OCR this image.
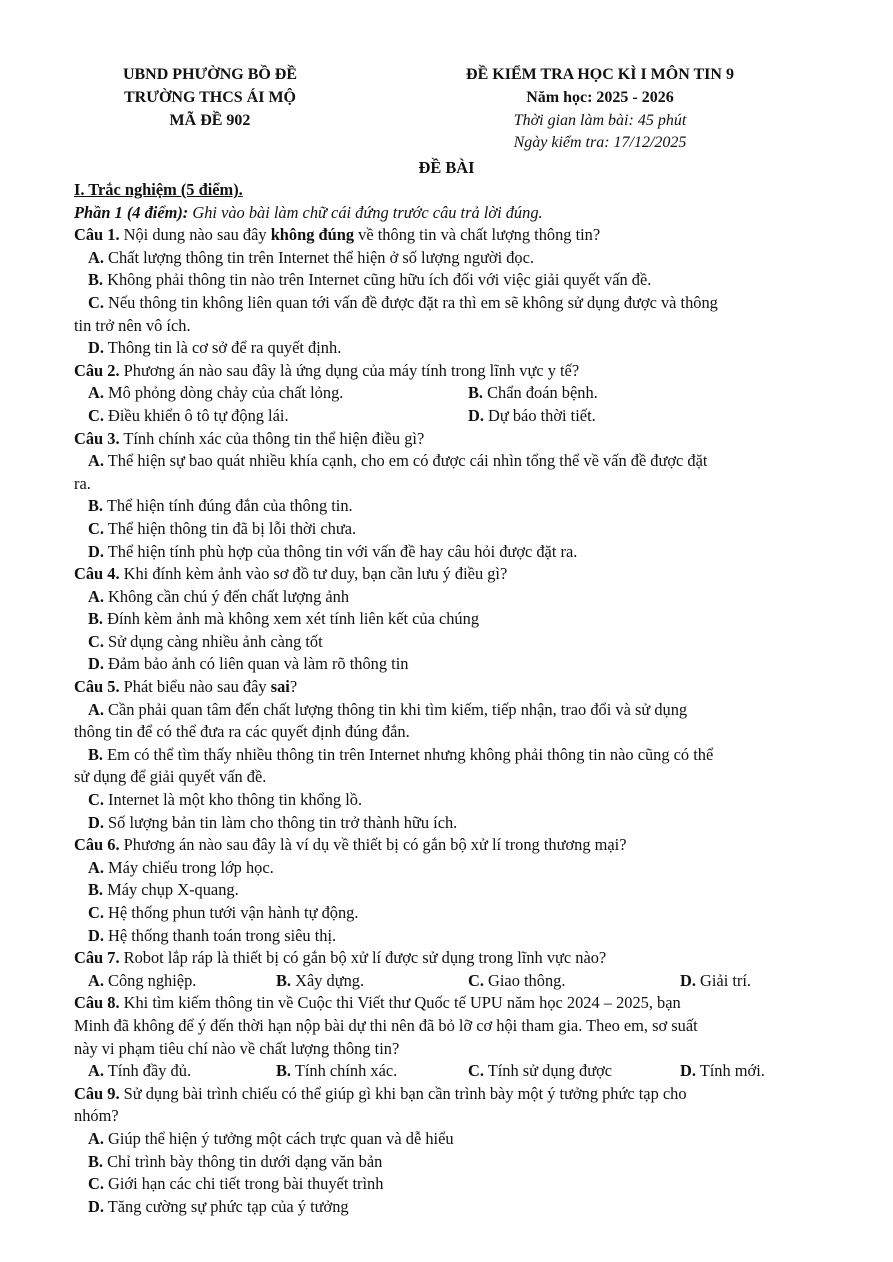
UBND PHƯỜNG BỒ ĐỀ
TRƯỜNG THCS ÁI MỘ
MÃ ĐỀ 902
ĐỀ KIỂM TRA HỌC KÌ I MÔN TIN 9
Năm học: 2025 - 2026
Thời gian làm bài: 45 phút
Ngày kiểm tra: 17/12/2025
ĐỀ BÀI
I. Trắc nghiệm (5 điểm).
Phần 1 (4 điểm): Ghi vào bài làm chữ cái đứng trước câu trả lời đúng.
Câu 1. Nội dung nào sau đây không đúng về thông tin và chất lượng thông tin?
A. Chất lượng thông tin trên Internet thể hiện ở số lượng người đọc.
B. Không phải thông tin nào trên Internet cũng hữu ích đối với việc giải quyết vấn đề.
C. Nếu thông tin không liên quan tới vấn đề được đặt ra thì em sẽ không sử dụng được và thông
tin trở nên vô ích.
D. Thông tin là cơ sở để ra quyết định.
Câu 2. Phương án nào sau đây là ứng dụng của máy tính trong lĩnh vực y tế?
A. Mô phỏng dòng chảy của chất lỏng.	B. Chẩn đoán bệnh.
C. Điều khiển ô tô tự động lái.	D. Dự báo thời tiết.
Câu 3. Tính chính xác của thông tin thể hiện điều gì?
A. Thể hiện sự bao quát nhiều khía cạnh, cho em có được cái nhìn tổng thể về vấn đề được đặt
ra.
B. Thể hiện tính đúng đắn của thông tin.
C. Thể hiện thông tin đã bị lỗi thời chưa.
D. Thể hiện tính phù hợp của thông tin với vấn đề hay câu hỏi được đặt ra.
Câu 4. Khi đính kèm ảnh vào sơ đồ tư duy, bạn cần lưu ý điều gì?
A. Không cần chú ý đến chất lượng ảnh
B. Đính kèm ảnh mà không xem xét tính liên kết của chúng
C. Sử dụng càng nhiều ảnh càng tốt
D. Đảm bảo ảnh có liên quan và làm rõ thông tin
Câu 5. Phát biểu nào sau đây sai?
A. Cần phải quan tâm đến chất lượng thông tin khi tìm kiếm, tiếp nhận, trao đổi và sử dụng
thông tin để có thể đưa ra các quyết định đúng đắn.
B. Em có thể tìm thấy nhiều thông tin trên Internet nhưng không phải thông tin nào cũng có thể
sử dụng để giải quyết vấn đề.
C. Internet là một kho thông tin khổng lồ.
D. Số lượng bản tin làm cho thông tin trở thành hữu ích.
Câu 6. Phương án nào sau đây là ví dụ về thiết bị có gắn bộ xử lí trong thương mại?
A. Máy chiếu trong lớp học.
B. Máy chụp X-quang.
C. Hệ thống phun tưới vận hành tự động.
D. Hệ thống thanh toán trong siêu thị.
Câu 7. Robot lắp ráp là thiết bị có gắn bộ xử lí được sử dụng trong lĩnh vực nào?
A. Công nghiệp.	B. Xây dựng.	C. Giao thông.	D. Giải trí.
Câu 8. Khi tìm kiếm thông tin về Cuộc thi Viết thư Quốc tế UPU năm học 2024 – 2025, bạn
Minh đã không để ý đến thời hạn nộp bài dự thi nên đã bỏ lỡ cơ hội tham gia. Theo em, sơ suất
này vi phạm tiêu chí nào về chất lượng thông tin?
A. Tính đầy đủ.	B. Tính chính xác.	C. Tính sử dụng được	D. Tính mới.
Câu 9. Sử dụng bài trình chiếu có thể giúp gì khi bạn cần trình bày một ý tưởng phức tạp cho
nhóm?
A. Giúp thể hiện ý tưởng một cách trực quan và dễ hiểu
B. Chỉ trình bày thông tin dưới dạng văn bản
C. Giới hạn các chi tiết trong bài thuyết trình
D. Tăng cường sự phức tạp của ý tưởng
